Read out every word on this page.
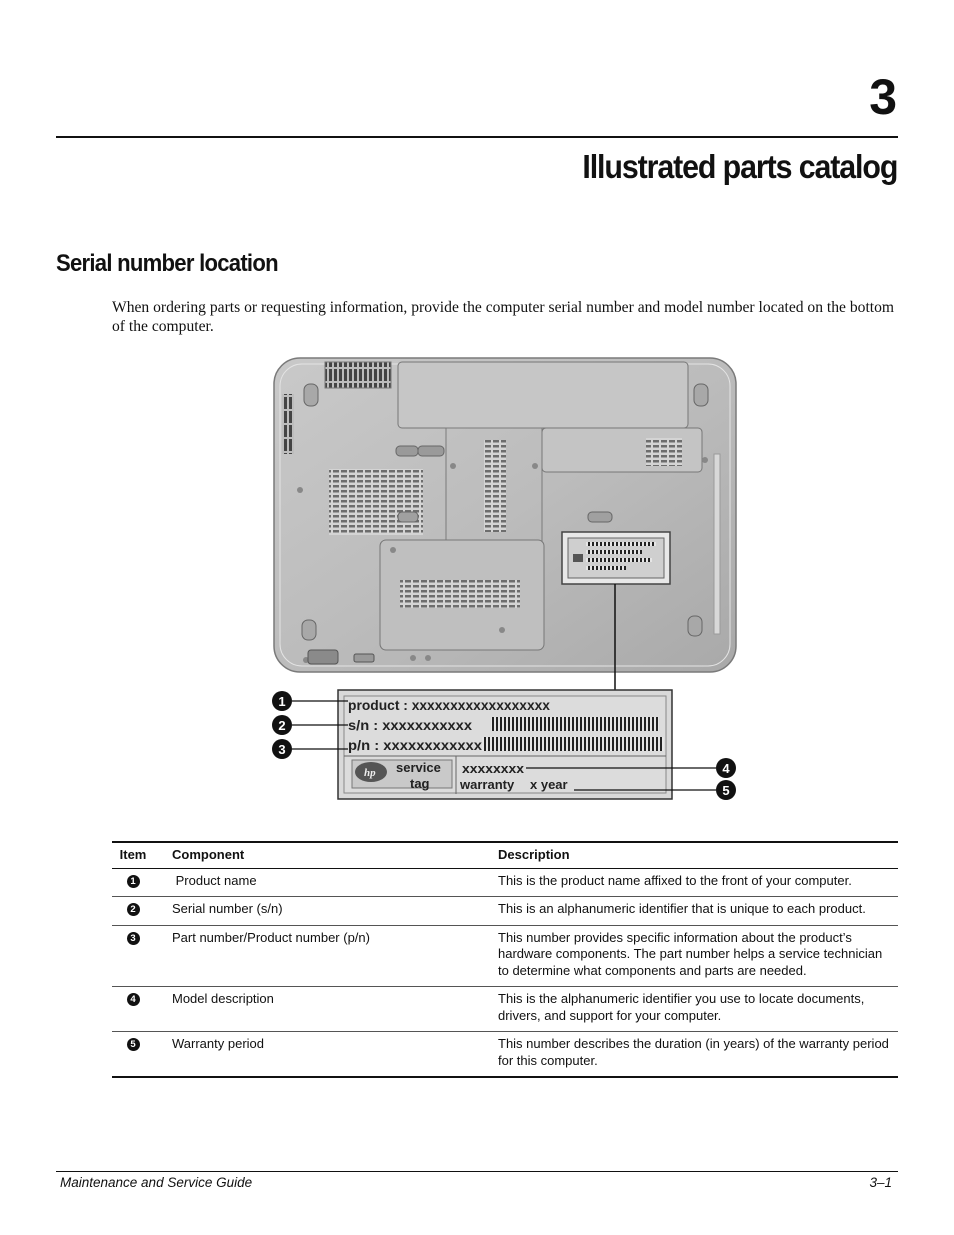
3
Illustrated parts catalog
Serial number location
When ordering parts or requesting information, provide the computer serial number and model number located on the bottom of the computer.
product : xxxxxxxxxxxxxxxxxx
s/n : xxxxxxxxxxx
p/n : xxxxxxxxxxxx
hp service
tag
xxxxxxxx
warranty x year
1
2
3
4
5
Item	Component	Description
1	Product name	This is the product name affixed to the front of your computer.
2	Serial number (s/n)	This is an alphanumeric identifier that is unique to each product.
3	Part number/Product number (p/n)	This number provides specific information about the product’s hardware components. The part number helps a service technician to determine what components and parts are needed.
4	Model description	This is the alphanumeric identifier you use to locate documents, drivers, and support for your computer.
5	Warranty period	This number describes the duration (in years) of the warranty period for this computer.
Maintenance and Service Guide	3–1
